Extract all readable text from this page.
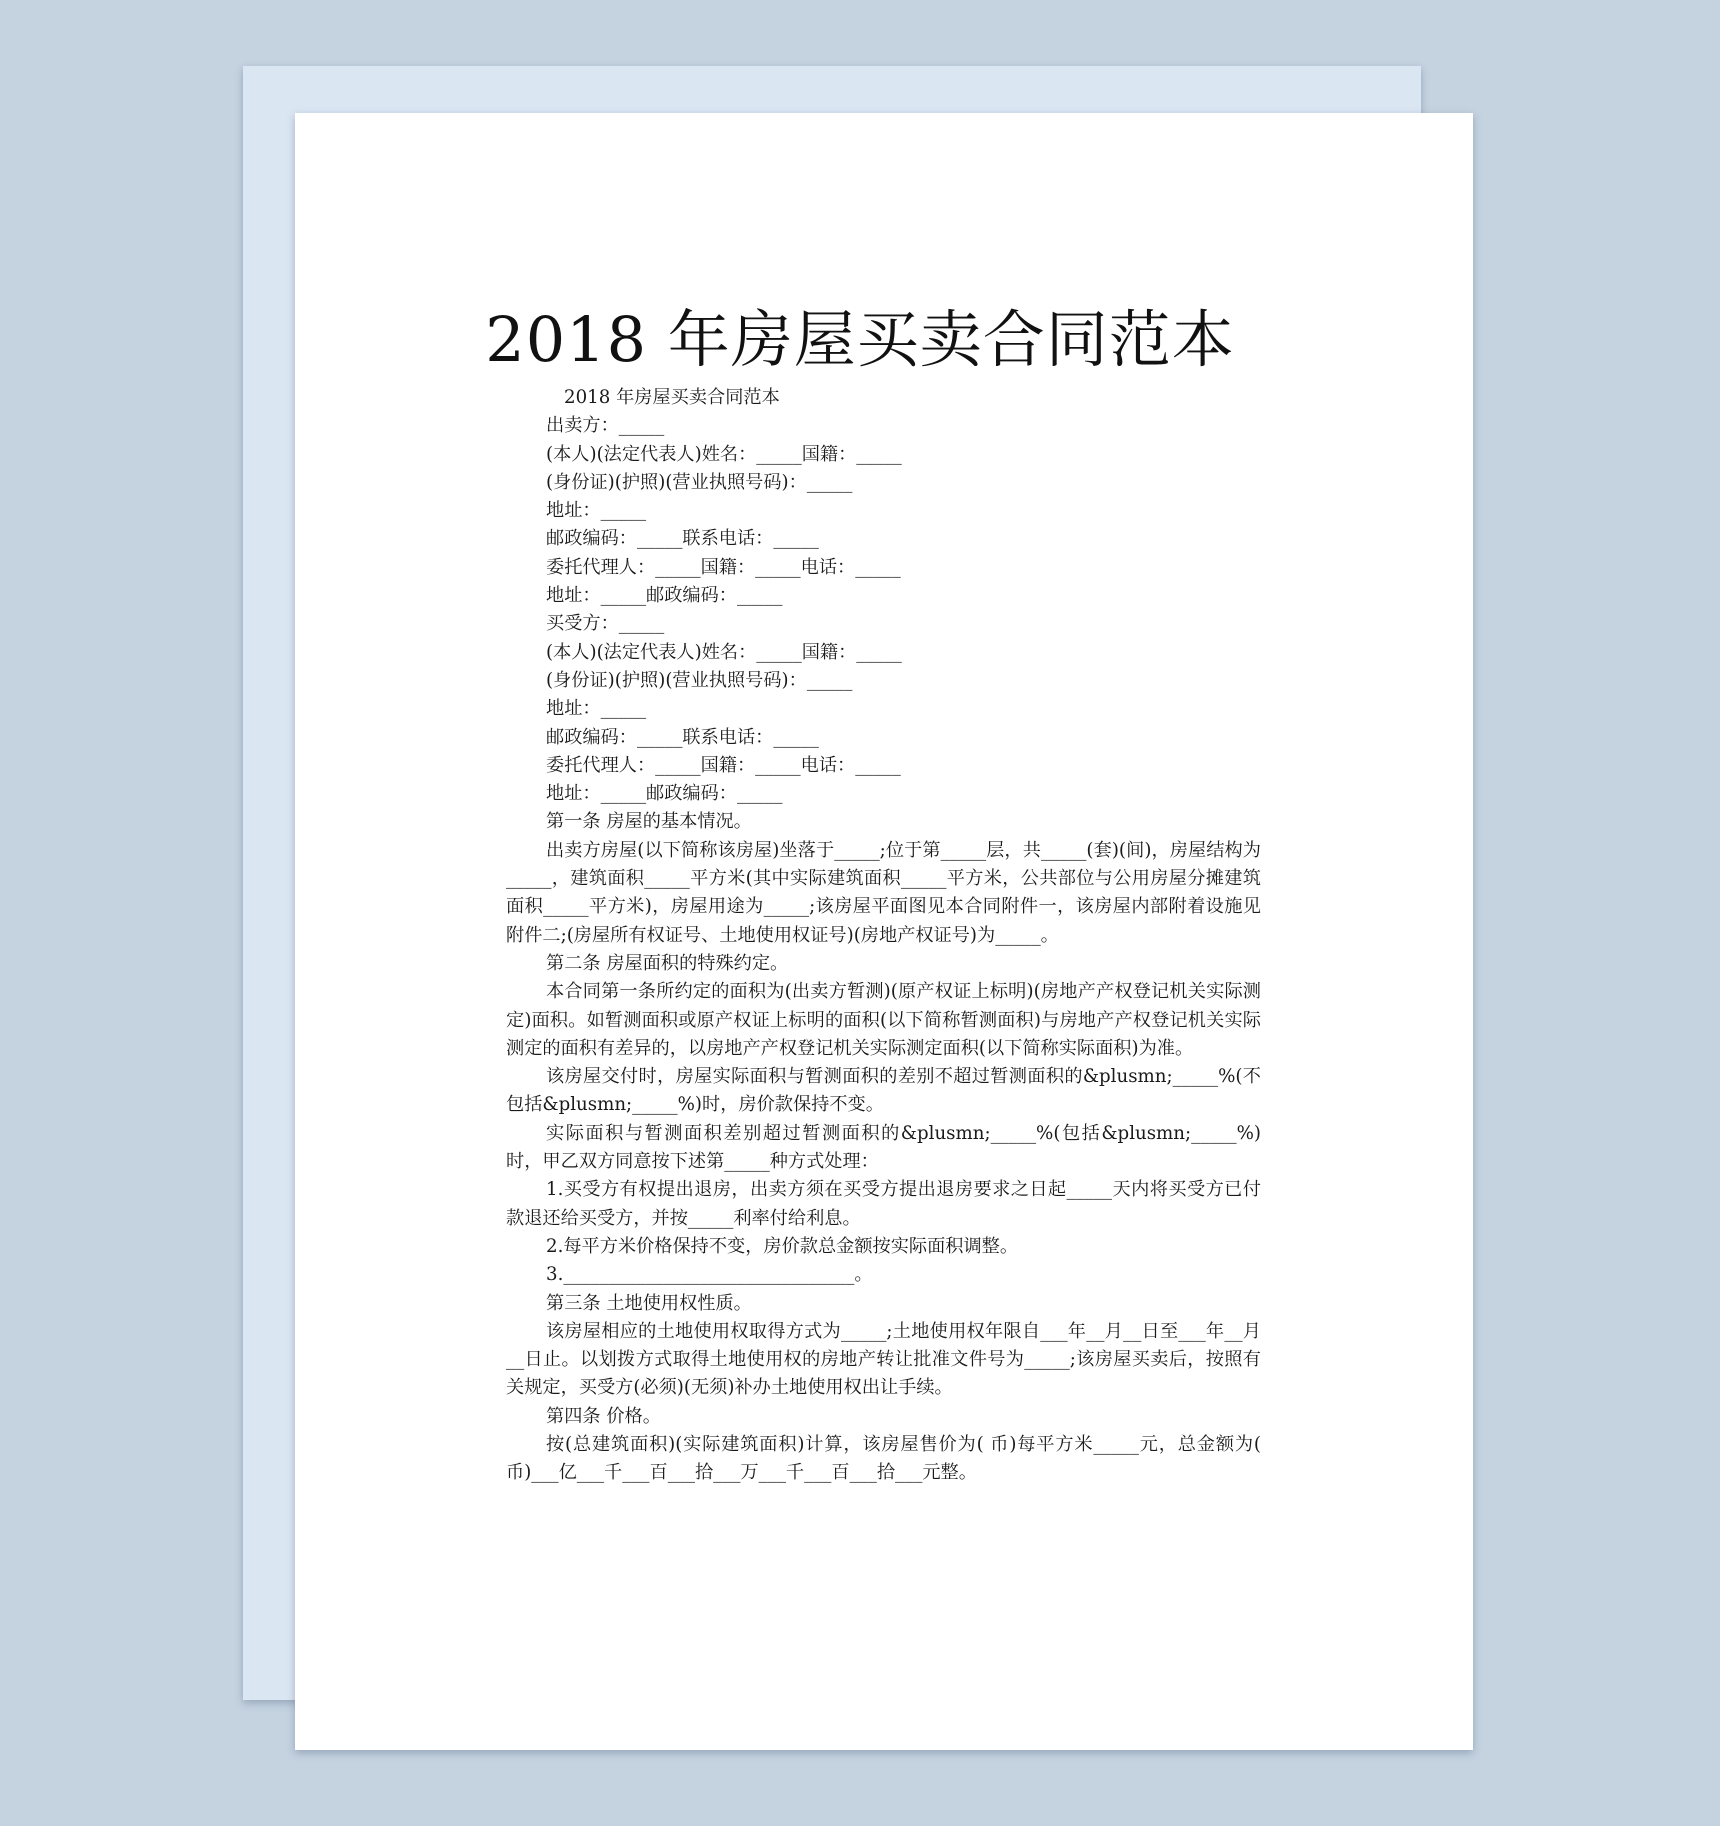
2018 年房屋买卖合同范本

2018 年房屋买卖合同范本

出卖方：_____

(本人)(法定代表人)姓名：_____国籍：_____

(身份证)(护照)(营业执照号码)：_____

地址：_____

邮政编码：_____联系电话：_____

委托代理人：_____国籍：_____电话：_____

地址：_____邮政编码：_____

买受方：_____

(本人)(法定代表人)姓名：_____国籍：_____

(身份证)(护照)(营业执照号码)：_____

地址：_____

邮政编码：_____联系电话：_____

委托代理人：_____国籍：_____电话：_____

地址：_____邮政编码：_____

第一条 房屋的基本情况。

出卖方房屋(以下简称该房屋)坐落于_____;位于第_____层，共_____(套)(间)，房屋结构为_____，建筑面积_____平方米(其中实际建筑面积_____平方米，公共部位与公用房屋分摊建筑面积_____平方米)，房屋用途为_____;该房屋平面图见本合同附件一，该房屋内部附着设施见附件二;(房屋所有权证号、土地使用权证号)(房地产权证号)为_____。

第二条 房屋面积的特殊约定。

本合同第一条所约定的面积为(出卖方暂测)(原产权证上标明)(房地产产权登记机关实际测定)面积。如暂测面积或原产权证上标明的面积(以下简称暂测面积)与房地产产权登记机关实际测定的面积有差异的，以房地产产权登记机关实际测定面积(以下简称实际面积)为准。

该房屋交付时，房屋实际面积与暂测面积的差别不超过暂测面积的&plusmn;_____%(不包括&plusmn;_____%)时，房价款保持不变。

实际面积与暂测面积差别超过暂测面积的&plusmn;_____%(包括&plusmn;_____%)时，甲乙双方同意按下述第_____种方式处理：

1.买受方有权提出退房，出卖方须在买受方提出退房要求之日起_____天内将买受方已付款退还给买受方，并按_____利率付给利息。

2.每平方米价格保持不变，房价款总金额按实际面积调整。

3.________________________________。

第三条 土地使用权性质。

该房屋相应的土地使用权取得方式为_____;土地使用权年限自___年__月__日至___年__月__日止。以划拨方式取得土地使用权的房地产转让批准文件号为_____;该房屋买卖后，按照有关规定，买受方(必须)(无须)补办土地使用权出让手续。

第四条 价格。

按(总建筑面积)(实际建筑面积)计算，该房屋售价为( 币)每平方米_____元，总金额为( 币)___亿___千___百___拾___万___千___百___拾___元整。
